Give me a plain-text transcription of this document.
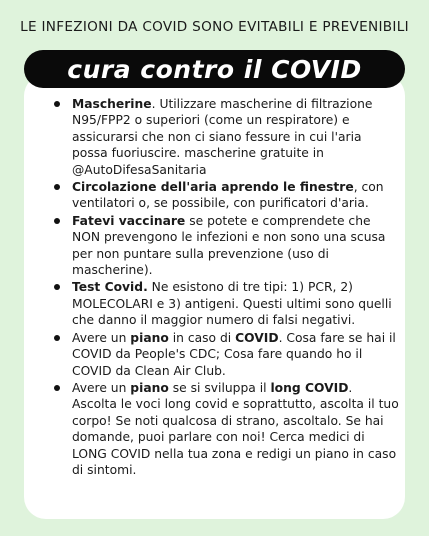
LE INFEZIONI DA COVID SONO EVITABILI E PREVENIBILI
cura contro il COVID
Mascherine. Utilizzare mascherine di filtrazione N95/FPP2 o superiori (come un respiratore) e assicurarsi che non ci siano fessure in cui l'aria possa fuoriuscire. mascherine gratuite in @AutoDifesaSanitaria
Circolazione dell'aria aprendo le finestre, con ventilatori o, se possibile, con purificatori d'aria.
Fatevi vaccinare se potete e comprendete che NON prevengono le infezioni e non sono una scusa per non puntare sulla prevenzione (uso di mascherine).
Test Covid. Ne esistono di tre tipi: 1) PCR, 2) MOLECOLARI e 3) antigeni. Questi ultimi sono quelli che danno il maggior numero di falsi negativi.
Avere un piano in caso di COVID. Cosa fare se hai il COVID da People's CDC; Cosa fare quando ho il COVID da Clean Air Club.
Avere un piano se si sviluppa il long COVID. Ascolta le voci long covid e soprattutto, ascolta il tuo corpo! Se noti qualcosa di strano, ascoltalo. Se hai domande, puoi parlare con noi! Cerca medici di LONG COVID nella tua zona e redigi un piano in caso di sintomi.
